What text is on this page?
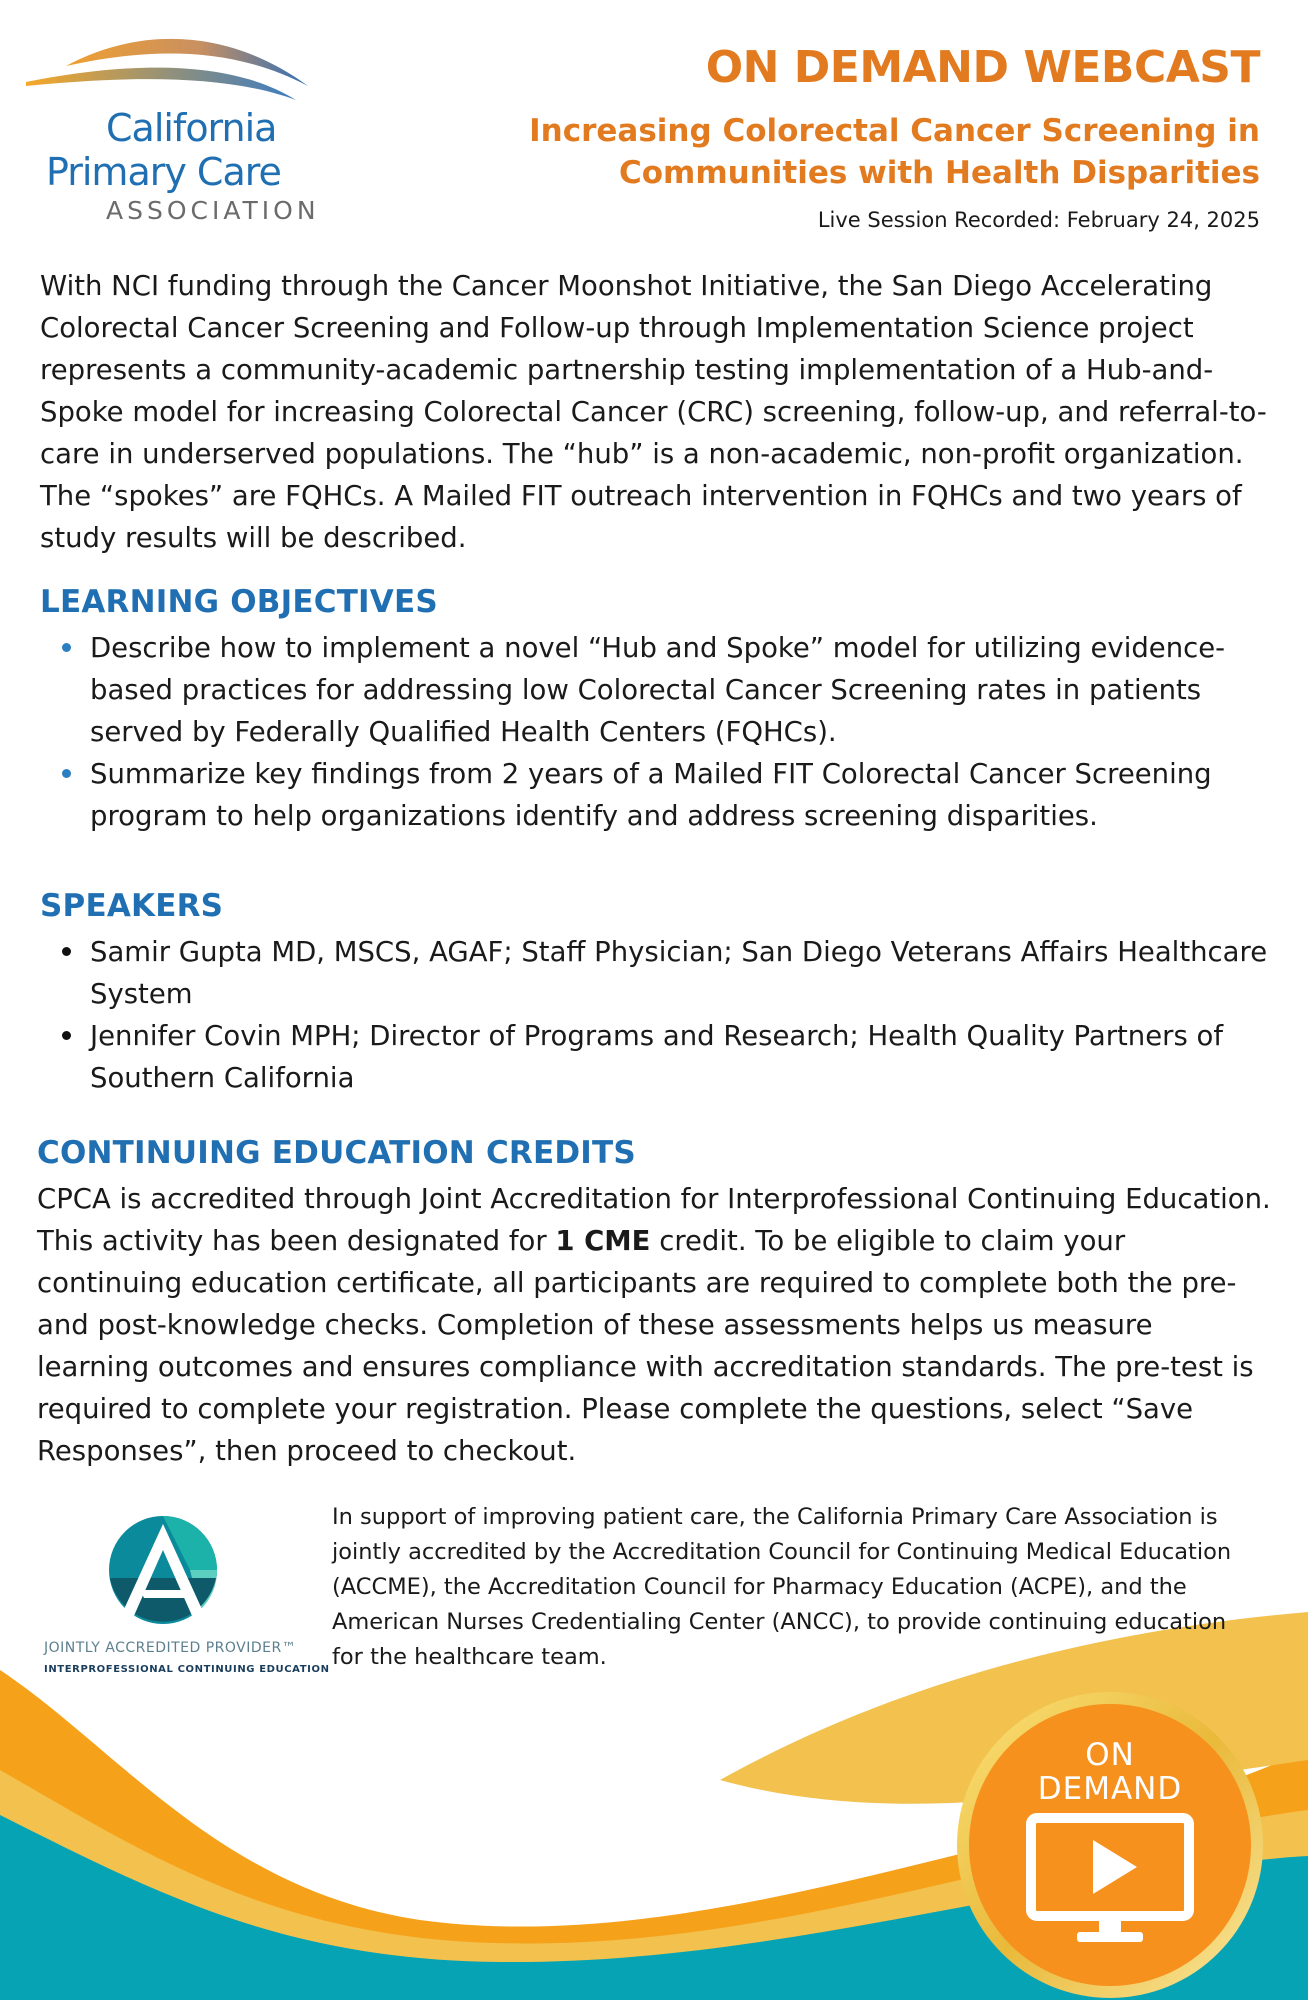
California
Primary Care
ASSOCIATION
ON DEMAND WEBCAST
Increasing Colorectal Cancer Screening in
Communities with Health Disparities
Live Session Recorded: February 24, 2025
With NCI funding through the Cancer Moonshot Initiative, the San Diego Accelerating Colorectal Cancer Screening and Follow-up through Implementation Science project represents a community-academic partnership testing implementation of a Hub-and-Spoke model for increasing Colorectal Cancer (CRC) screening, follow-up, and referral-to-care in underserved populations. The “hub” is a non-academic, non-profit organization. The “spokes” are FQHCs. A Mailed FIT outreach intervention in FQHCs and two years of study results will be described.
LEARNING OBJECTIVES
Describe how to implement a novel “Hub and Spoke” model for utilizing evidence-based practices for addressing low Colorectal Cancer Screening rates in patients served by Federally Qualified Health Centers (FQHCs).
Summarize key findings from 2 years of a Mailed FIT Colorectal Cancer Screening program to help organizations identify and address screening disparities.
SPEAKERS
Samir Gupta MD, MSCS, AGAF; Staff Physician; San Diego Veterans Affairs Healthcare System
Jennifer Covin MPH; Director of Programs and Research; Health Quality Partners of Southern California
CONTINUING EDUCATION CREDITS
CPCA is accredited through Joint Accreditation for Interprofessional Continuing Education. This activity has been designated for 1 CME credit. To be eligible to claim your continuing education certificate, all participants are required to complete both the pre- and post-knowledge checks. Completion of these assessments helps us measure learning outcomes and ensures compliance with accreditation standards. The pre-test is required to complete your registration. Please complete the questions, select “Save Responses”, then proceed to checkout.
JOINTLY ACCREDITED PROVIDER™
INTERPROFESSIONAL CONTINUING EDUCATION
In support of improving patient care, the California Primary Care Association is jointly accredited by the Accreditation Council for Continuing Medical Education (ACCME), the Accreditation Council for Pharmacy Education (ACPE), and the American Nurses Credentialing Center (ANCC), to provide continuing education for the healthcare team.
ON
DEMAND
